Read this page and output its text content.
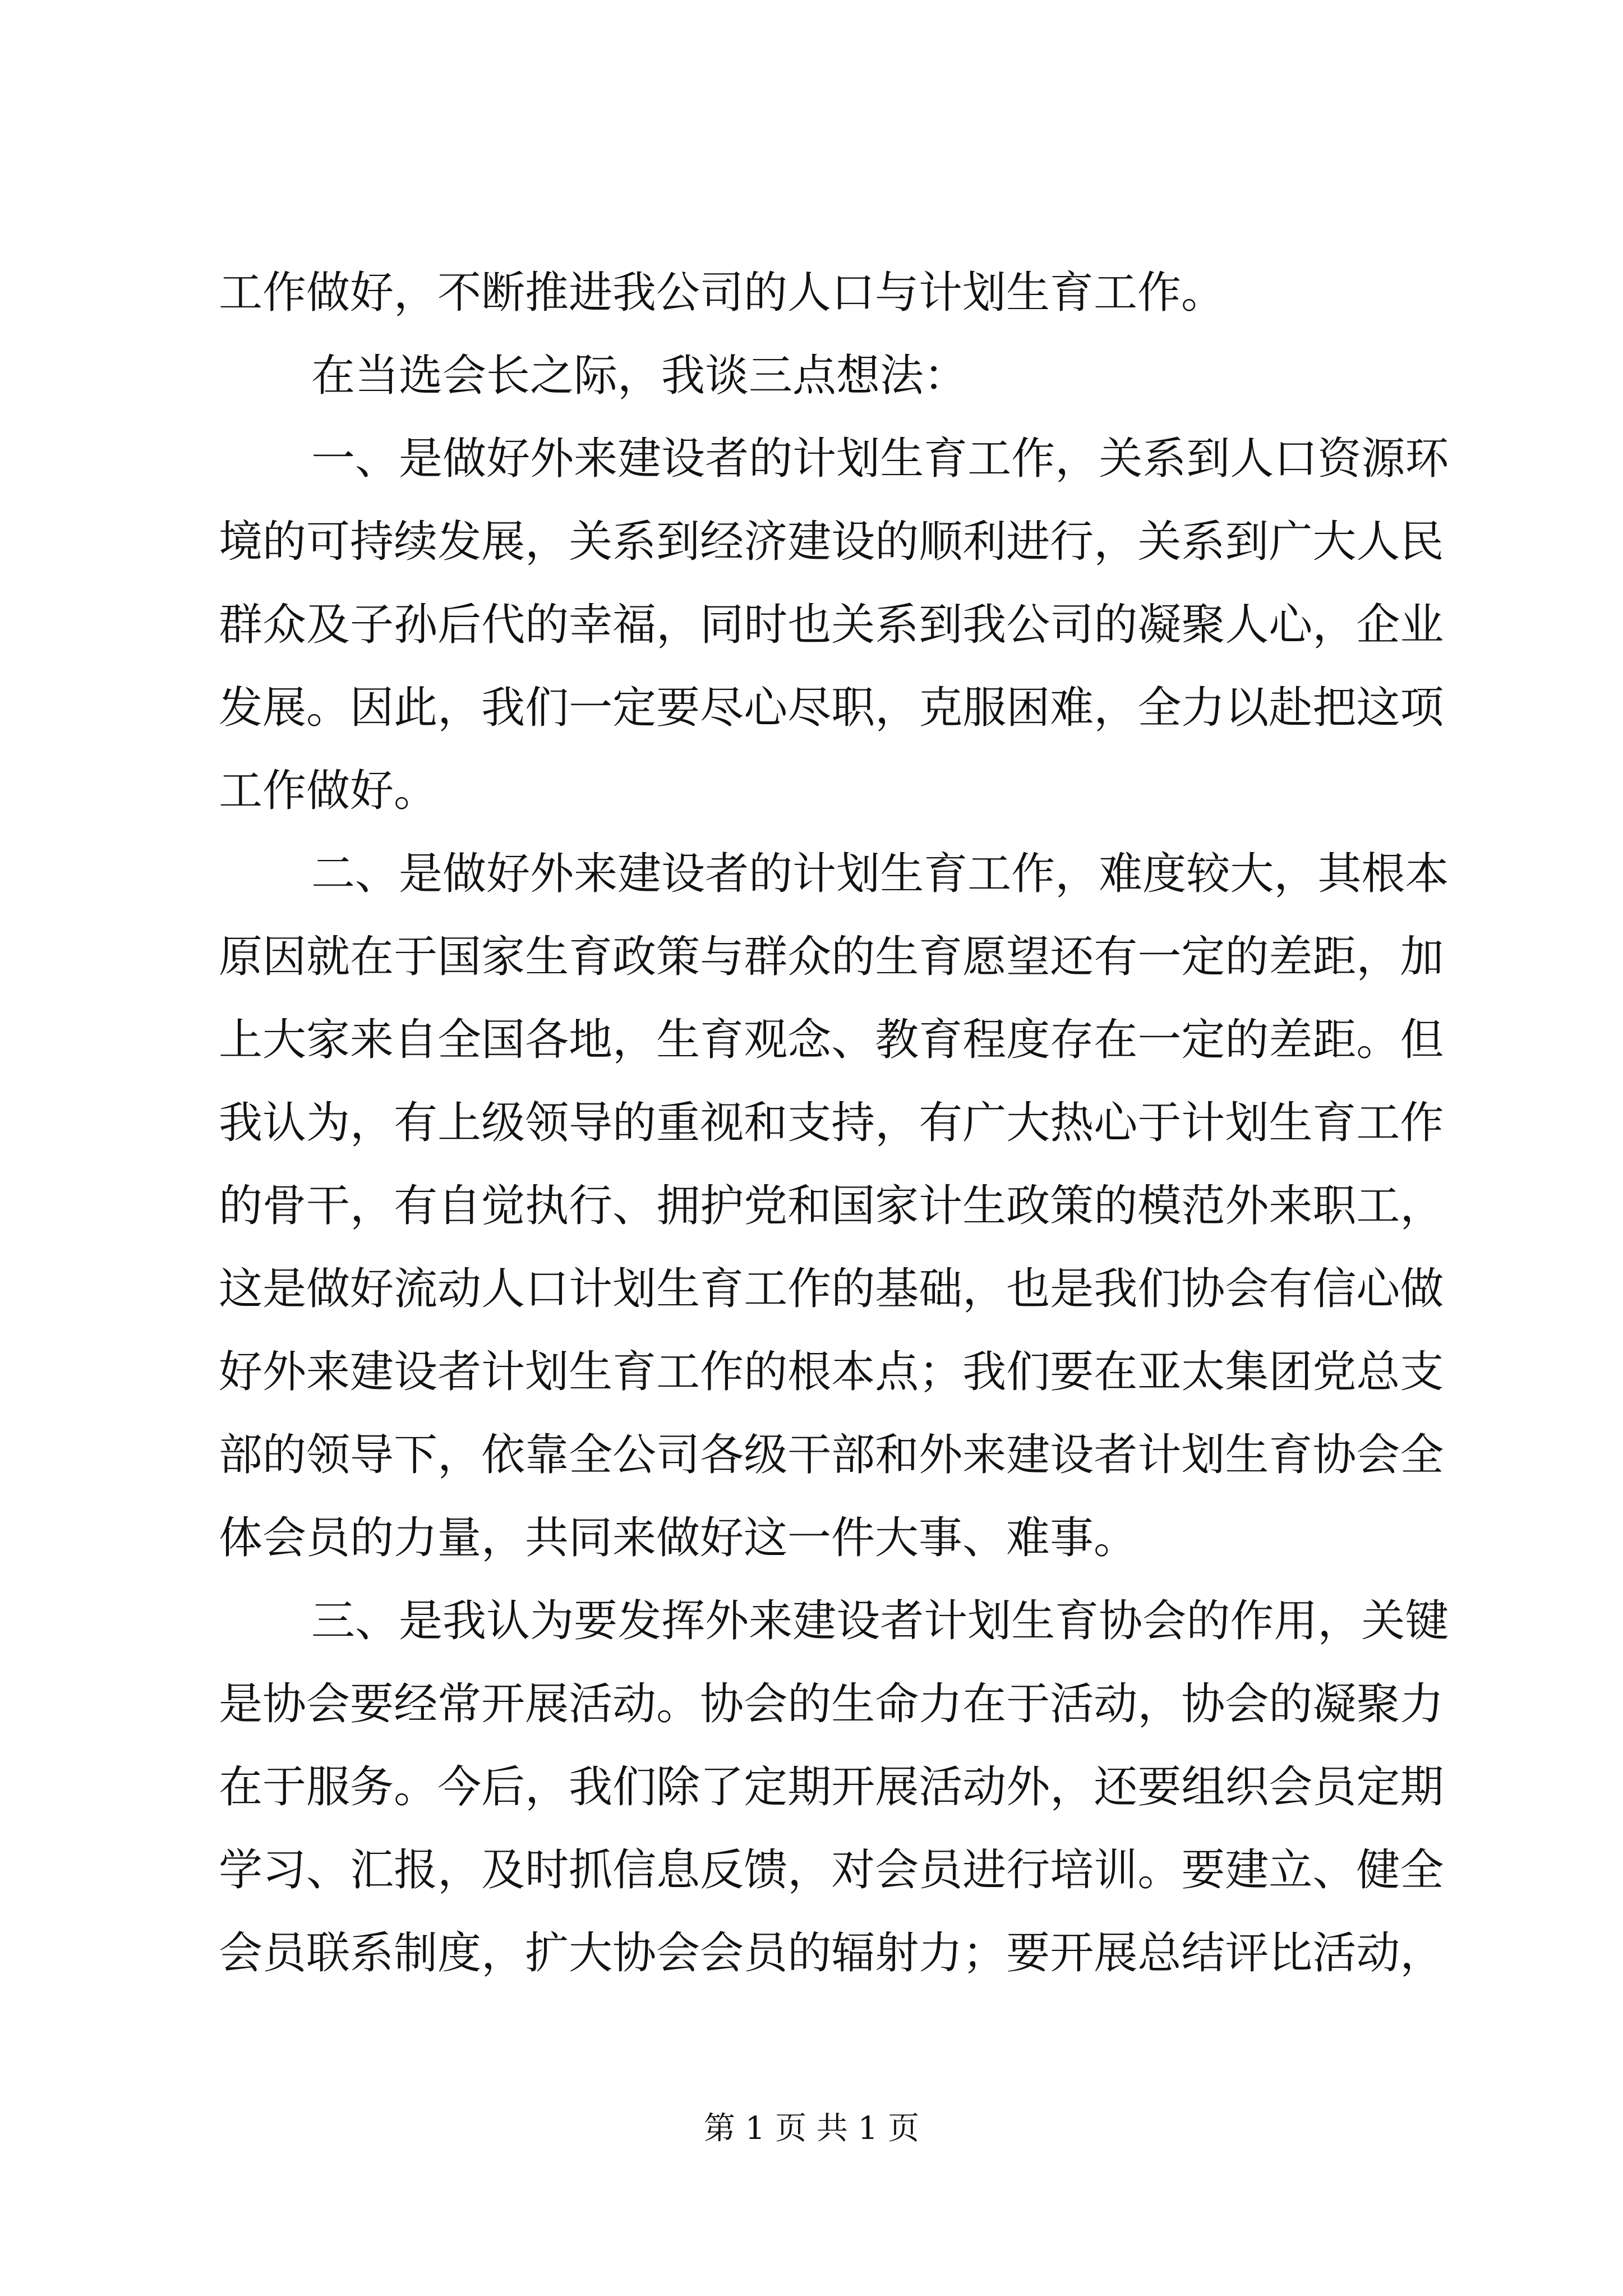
工作做好，不断推进我公司的人口与计划生育工作。
在当选会长之际，我谈三点想法：
一 、 是 做 好 外 来 建 设 者 的 计 划 生 育 工 作 ， 关 系 到 人 口 资 源 环
境 的 可 持 续 发 展 ， 关 系 到 经 济 建 设 的 顺 利 进 行 ， 关 系 到 广 大 人 民
群 众 及 子 孙 后 代 的 幸 福 ， 同 时 也 关 系 到 我 公 司 的 凝 聚 人 心 ， 企 业
发 展 。 因 此 ， 我 们 一 定 要 尽 心 尽 职 ， 克 服 困 难 ， 全 力 以 赴 把 这 项
工作做好。
二 、 是 做 好 外 来 建 设 者 的 计 划 生 育 工 作 ， 难 度 较 大 ， 其 根 本
原 因 就 在 于 国 家 生 育 政 策 与 群 众 的 生 育 愿 望 还 有 一 定 的 差 距 ， 加
上 大 家 来 自 全 国 各 地 ， 生 育 观 念 、 教 育 程 度 存 在 一 定 的 差 距 。 但
我 认 为 ， 有 上 级 领 导 的 重 视 和 支 持 ， 有 广 大 热 心 于 计 划 生 育 工 作
的 骨 干 ， 有 自 觉 执 行 、 拥 护 党 和 国 家 计 生 政 策 的 模 范 外 来 职 工 ，
这 是 做 好 流 动 人 口 计 划 生 育 工 作 的 基 础 ， 也 是 我 们 协 会 有 信 心 做
好 外 来 建 设 者 计 划 生 育 工 作 的 根 本 点 ； 我 们 要 在 亚 太 集 团 党 总 支
部 的 领 导 下 ， 依 靠 全 公 司 各 级 干 部 和 外 来 建 设 者 计 划 生 育 协 会 全
体会员的力量，共同来做好这一件大事、难事。
三 、 是 我 认 为 要 发 挥 外 来 建 设 者 计 划 生 育 协 会 的 作 用 ， 关 键
是 协 会 要 经 常 开 展 活 动 。 协 会 的 生 命 力 在 于 活 动 ， 协 会 的 凝 聚 力
在 于 服 务 。 今 后 ， 我 们 除 了 定 期 开 展 活 动 外 ， 还 要 组 织 会 员 定 期
学 习 、 汇 报 ， 及 时 抓 信 息 反 馈 ， 对 会 员 进 行 培 训 。 要 建 立 、 健 全
会 员 联 系 制 度 ， 扩 大 协 会 会 员 的 辐 射 力 ； 要 开 展 总 结 评 比 活 动 ，
第 1 页 共 1 页
